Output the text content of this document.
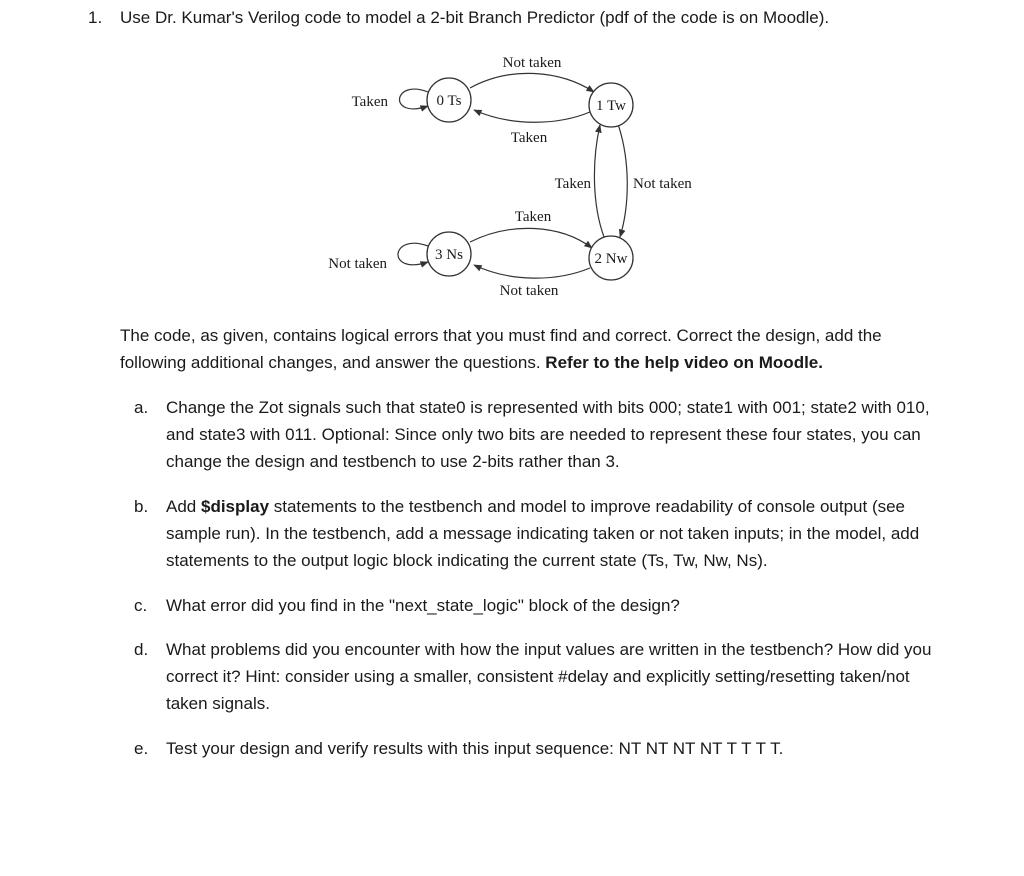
1. Use Dr. Kumar's Verilog code to model a 2-bit Branch Predictor (pdf of the code is on Moodle).
0 Ts	1 Tw
2 Nw
3 Ns
Taken
Not taken
Taken
Taken	Not taken
Taken
Not taken
Not taken
The code, as given, contains logical errors that you must find and correct. Correct the design, add the following additional changes, and answer the questions. Refer to the help video on Moodle.
a.	Change the Zot signals such that state0 is represented with bits 000; state1 with 001; state2 with 010, and state3 with 011. Optional: Since only two bits are needed to represent these four states, you can change the design and testbench to use 2-bits rather than 3.
b.	Add $display statements to the testbench and model to improve readability of console output (see sample run). In the testbench, add a message indicating taken or not taken inputs; in the model, add statements to the output logic block indicating the current state (Ts, Tw, Nw, Ns).
c.	What error did you find in the "next_state_logic" block of the design?
d.	What problems did you encounter with how the input values are written in the testbench? How did you correct it? Hint: consider using a smaller, consistent #delay and explicitly setting/resetting taken/not taken signals.
e.	Test your design and verify results with this input sequence: NT NT NT NT T T T T.
